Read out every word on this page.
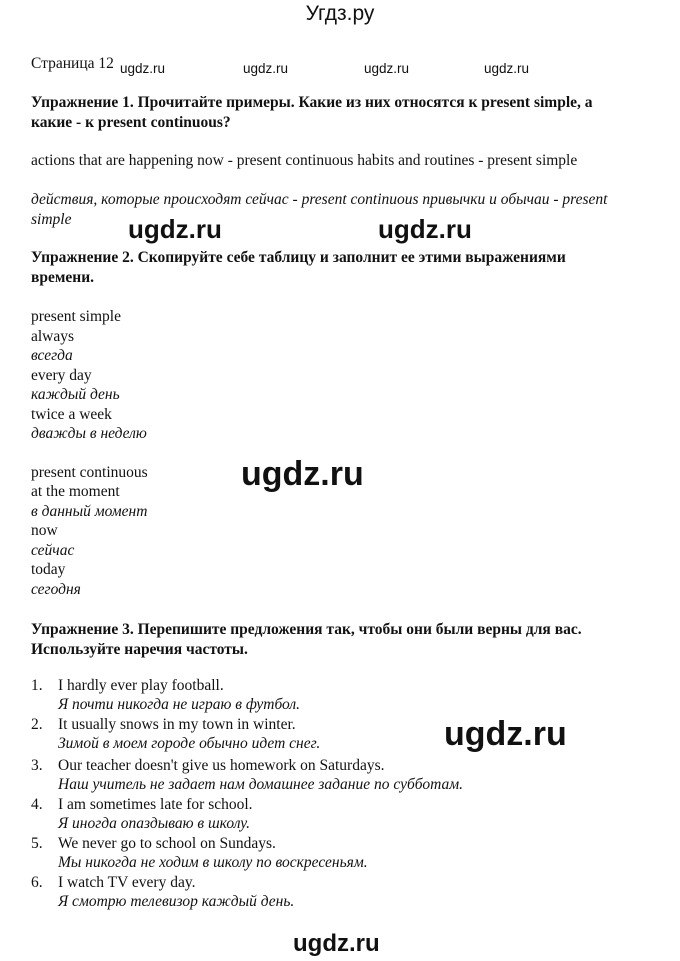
Угдз.ру
Страница 12 ugdz.ru	ugdz.ru	ugdz.ru	ugdz.ru
Упражнение 1. Прочитайте примеры. Какие из них относятся к present simple, а какие - к present continuous?
actions that are happening now - present continuous habits and routines - present simple
действия, которые происходят сейчас - present continuous привычки и обычаи - present simple	ugdz.ru	ugdz.ru
Упражнение 2. Скопируйте себе таблицу и заполнит ее этими выражениями времени.
present simple
always
всегда
every day
каждый день
twice a week
дважды в неделю
present continuous
at the moment
в данный момент
now
сейчас
today
сегодня
ugdz.ru
Упражнение 3. Перепишите предложения так, чтобы они были верны для вас. Используйте наречия частоты.
1. I hardly ever play football.
Я почти никогда не играю в футбол.
2. It usually snows in my town in winter.
Зимой в моем городе обычно идет снег.
3. Our teacher doesn't give us homework on Saturdays.
Наш учитель не задает нам домашнее задание по субботам.
4. I am sometimes late for school.
Я иногда опаздываю в школу.
5. We never go to school on Sundays.
Мы никогда не ходим в школу по воскресеньям.
6. I watch TV every day.
Я смотрю телевизор каждый день.
ugdz.ru
ugdz.ru
